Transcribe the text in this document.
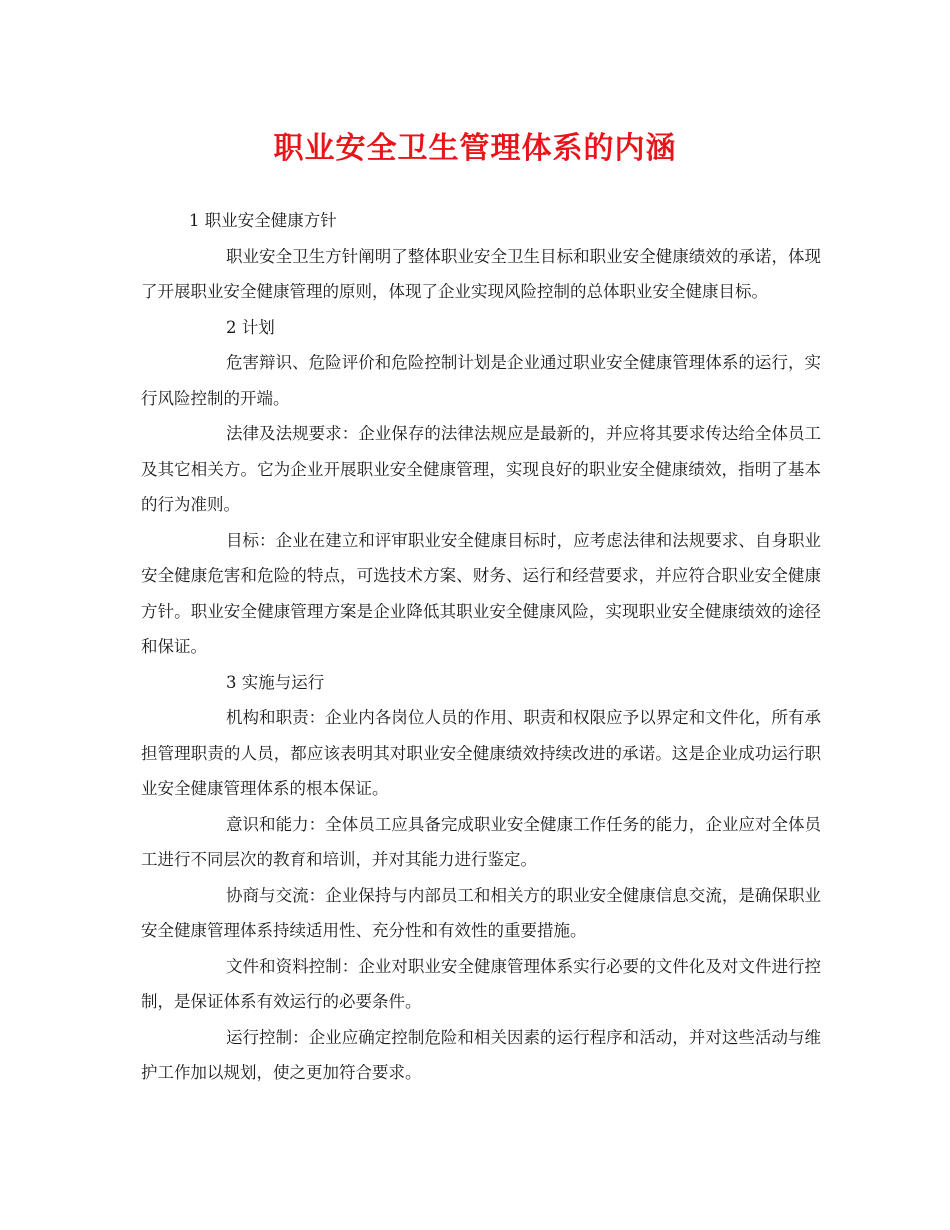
职业安全卫生管理体系的内涵

1 职业安全健康方针

职业安全卫生方针阐明了整体职业安全卫生目标和职业安全健康绩效的承诺，体现了开展职业安全健康管理的原则，体现了企业实现风险控制的总体职业安全健康目标。

2 计划

危害辩识、危险评价和危险控制计划是企业通过职业安全健康管理体系的运行，实行风险控制的开端。

法律及法规要求：企业保存的法律法规应是最新的，并应将其要求传达给全体员工及其它相关方。它为企业开展职业安全健康管理，实现良好的职业安全健康绩效，指明了基本的行为准则。

目标：企业在建立和评审职业安全健康目标时，应考虑法律和法规要求、自身职业安全健康危害和危险的特点，可选技术方案、财务、运行和经营要求，并应符合职业安全健康方针。职业安全健康管理方案是企业降低其职业安全健康风险，实现职业安全健康绩效的途径和保证。

3 实施与运行

机构和职责：企业内各岗位人员的作用、职责和权限应予以界定和文件化，所有承担管理职责的人员，都应该表明其对职业安全健康绩效持续改进的承诺。这是企业成功运行职业安全健康管理体系的根本保证。

意识和能力：全体员工应具备完成职业安全健康工作任务的能力，企业应对全体员工进行不同层次的教育和培训，并对其能力进行鉴定。

协商与交流：企业保持与内部员工和相关方的职业安全健康信息交流，是确保职业安全健康管理体系持续适用性、充分性和有效性的重要措施。

文件和资料控制：企业对职业安全健康管理体系实行必要的文件化及对文件进行控制，是保证体系有效运行的必要条件。

运行控制：企业应确定控制危险和相关因素的运行程序和活动，并对这些活动与维护工作加以规划，使之更加符合要求。
